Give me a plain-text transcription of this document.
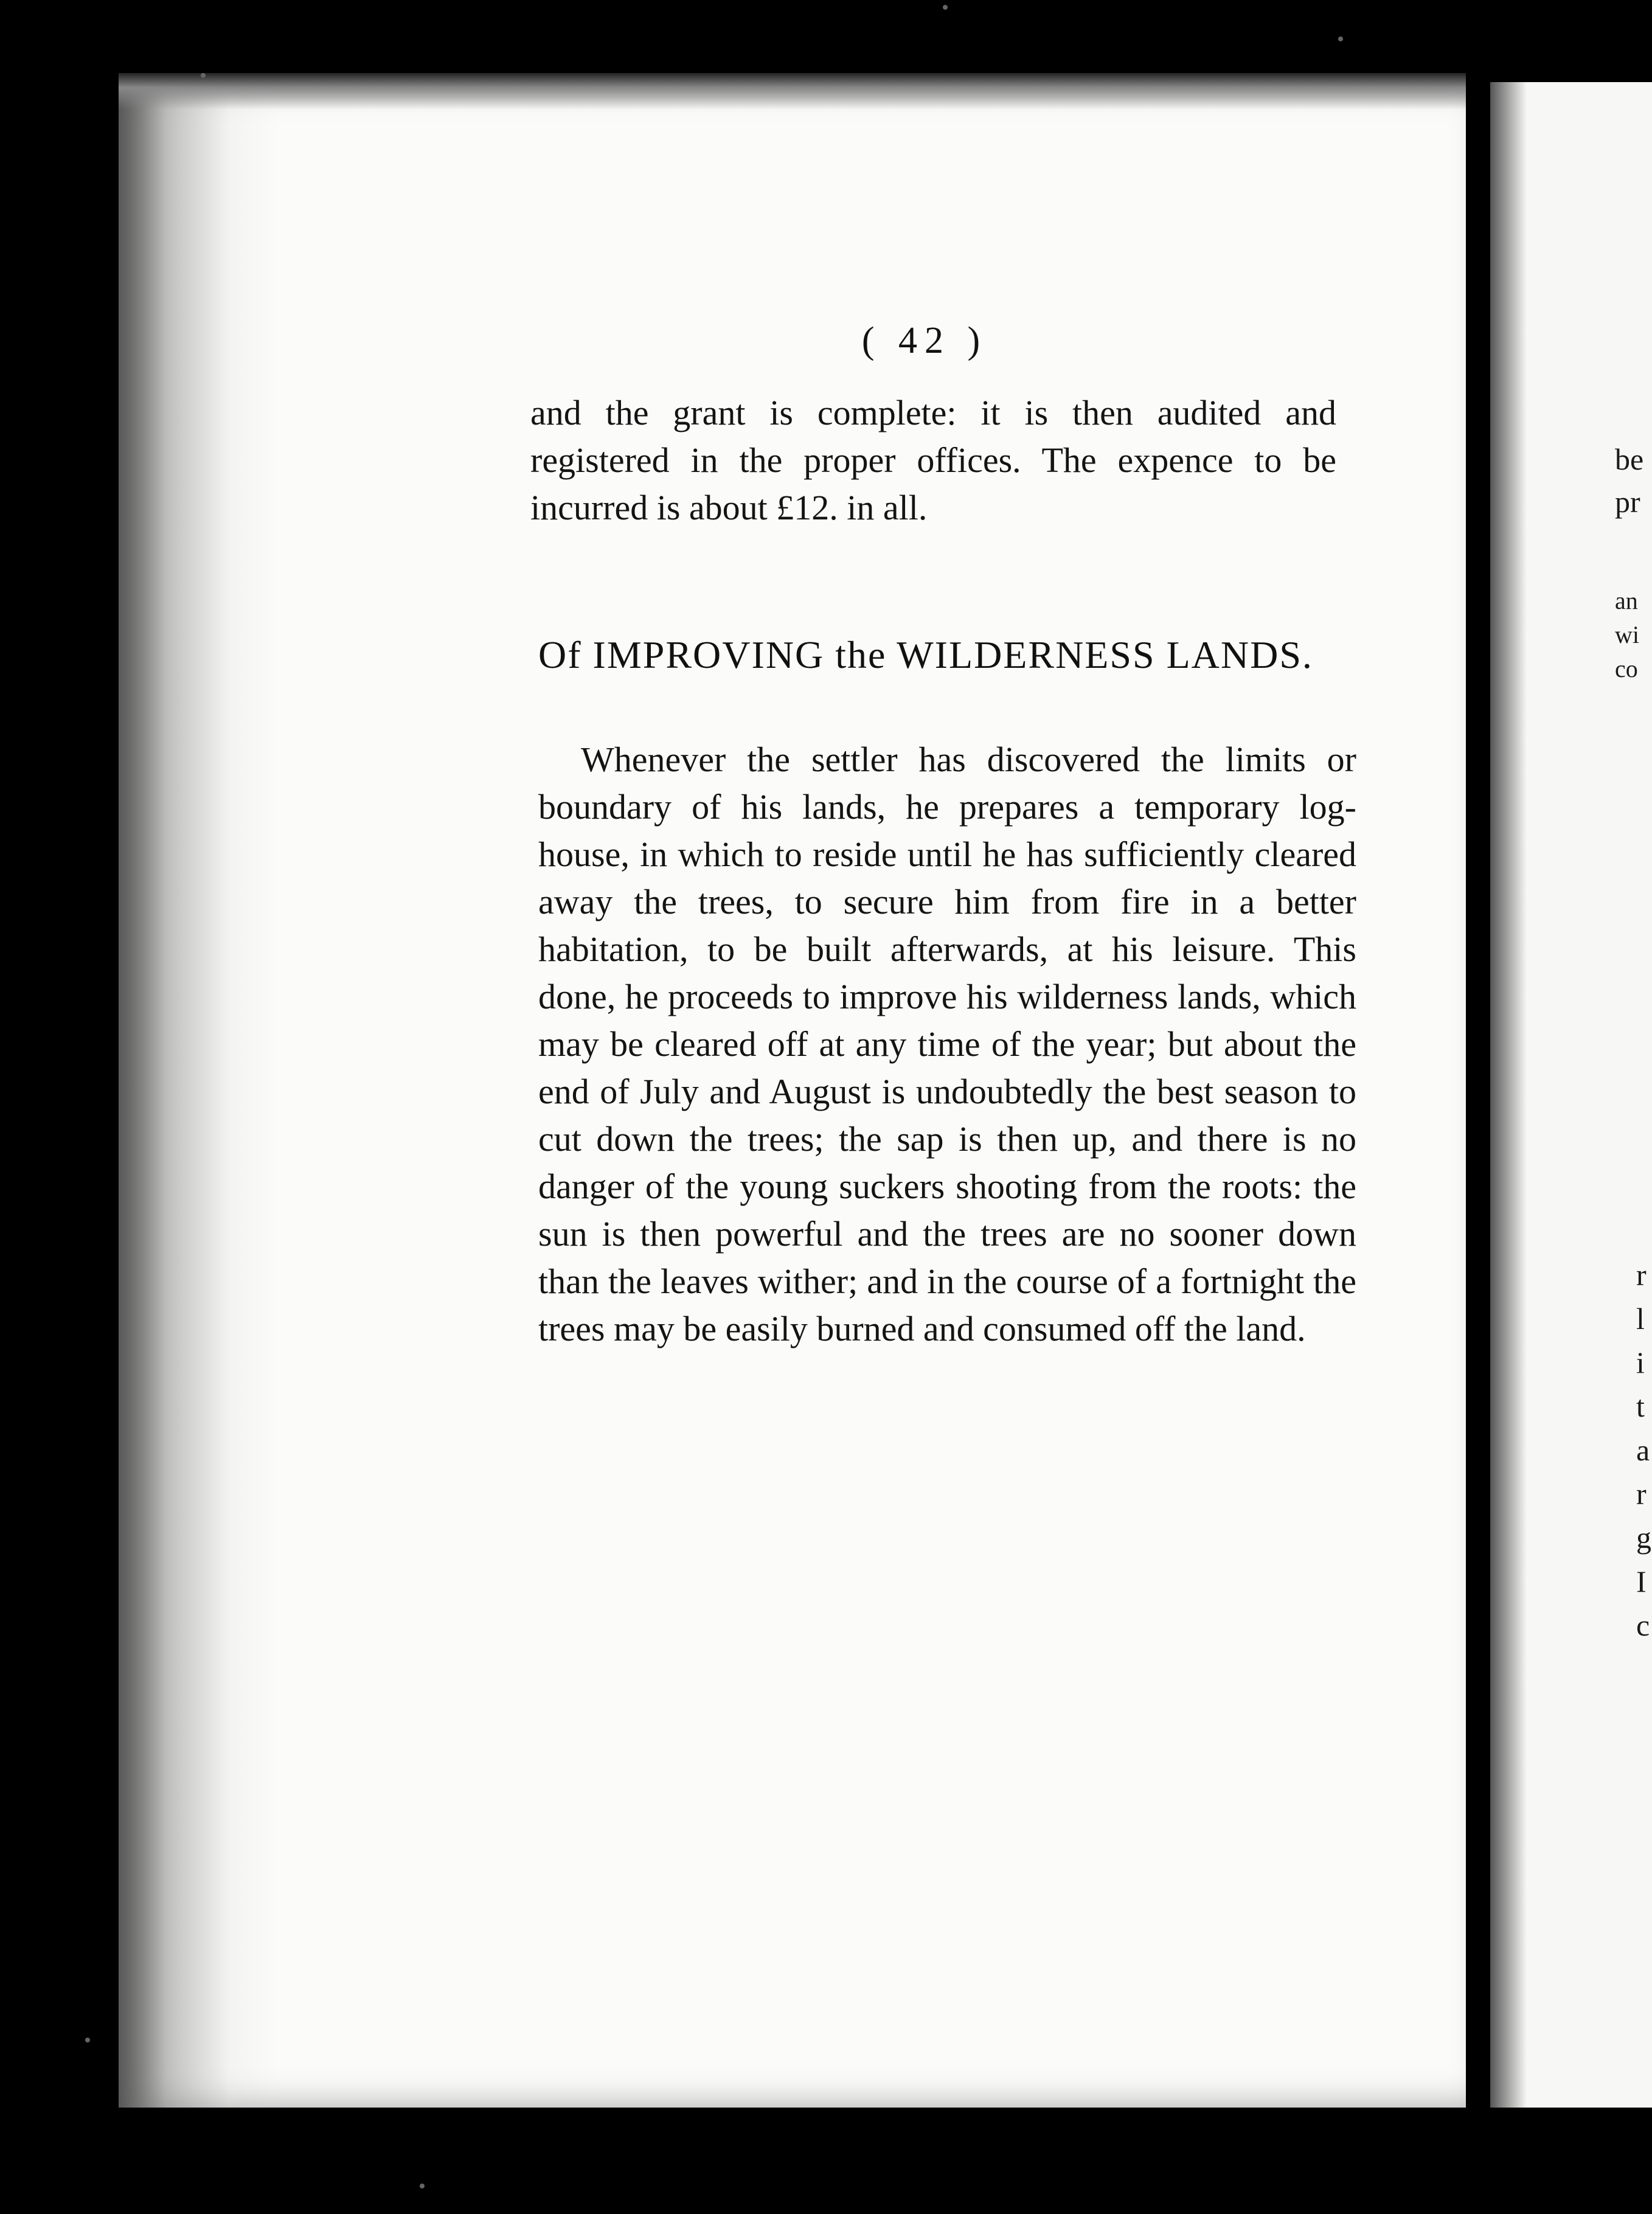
( 42 )
and the grant is complete: it is then audited and registered in the proper offices. The expence to be incurred is about £12. in all.
Of IMPROVING the WILDERNESS LANDS.

Whenever the settler has discovered the limits or boundary of his lands, he prepares a temporary log-house, in which to reside until he has sufficiently cleared away the trees, to secure him from fire in a better habitation, to be built afterwards, at his leisure. This done, he proceeds to improve his wilderness lands, which may be cleared off at any time of the year; but about the end of July and August is undoubtedly the best season to cut down the trees; the sap is then up, and there is no danger of the young suckers shooting from the roots: the sun is then powerful and the trees are no sooner down than the leaves wither; and in the course of a fortnight the trees may be easily burned and consumed off the land.

be
pr
an
wi
co
r
l
i
t
a
r
g
I
c
